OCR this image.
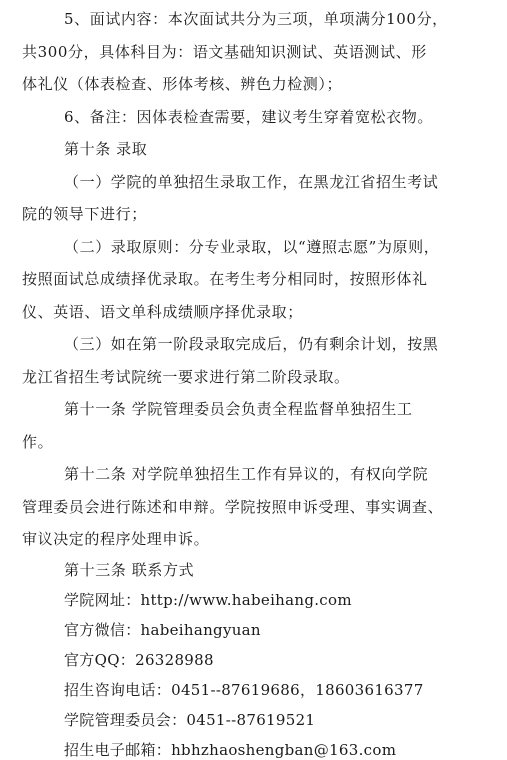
5、面试内容：本次面试共分为三项，单项满分100分，
共300分，具体科目为：语文基础知识测试、英语测试、形
体礼仪（体表检查、形体考核、辨色力检测）；
6、备注：因体表检查需要，建议考生穿着宽松衣物。
第十条 录取
（一）学院的单独招生录取工作，在黑龙江省招生考试
院的领导下进行；
（二）录取原则：分专业录取，以“遵照志愿”为原则，
按照面试总成绩择优录取。在考生考分相同时，按照形体礼
仪、英语、语文单科成绩顺序择优录取；
（三）如在第一阶段录取完成后，仍有剩余计划，按黑
龙江省招生考试院统一要求进行第二阶段录取。
第十一条 学院管理委员会负责全程监督单独招生工
作。
第十二条 对学院单独招生工作有异议的，有权向学院
管理委员会进行陈述和申辩。学院按照申诉受理、事实调查、
审议决定的程序处理申诉。
第十三条 联系方式
学院网址：http://www.habeihang.com
官方微信：habeihangyuan
官方QQ：26328988
招生咨询电话：0451--87619686，18603616377
学院管理委员会：0451--87619521
招生电子邮箱：hbhzhaoshengban@163.com
